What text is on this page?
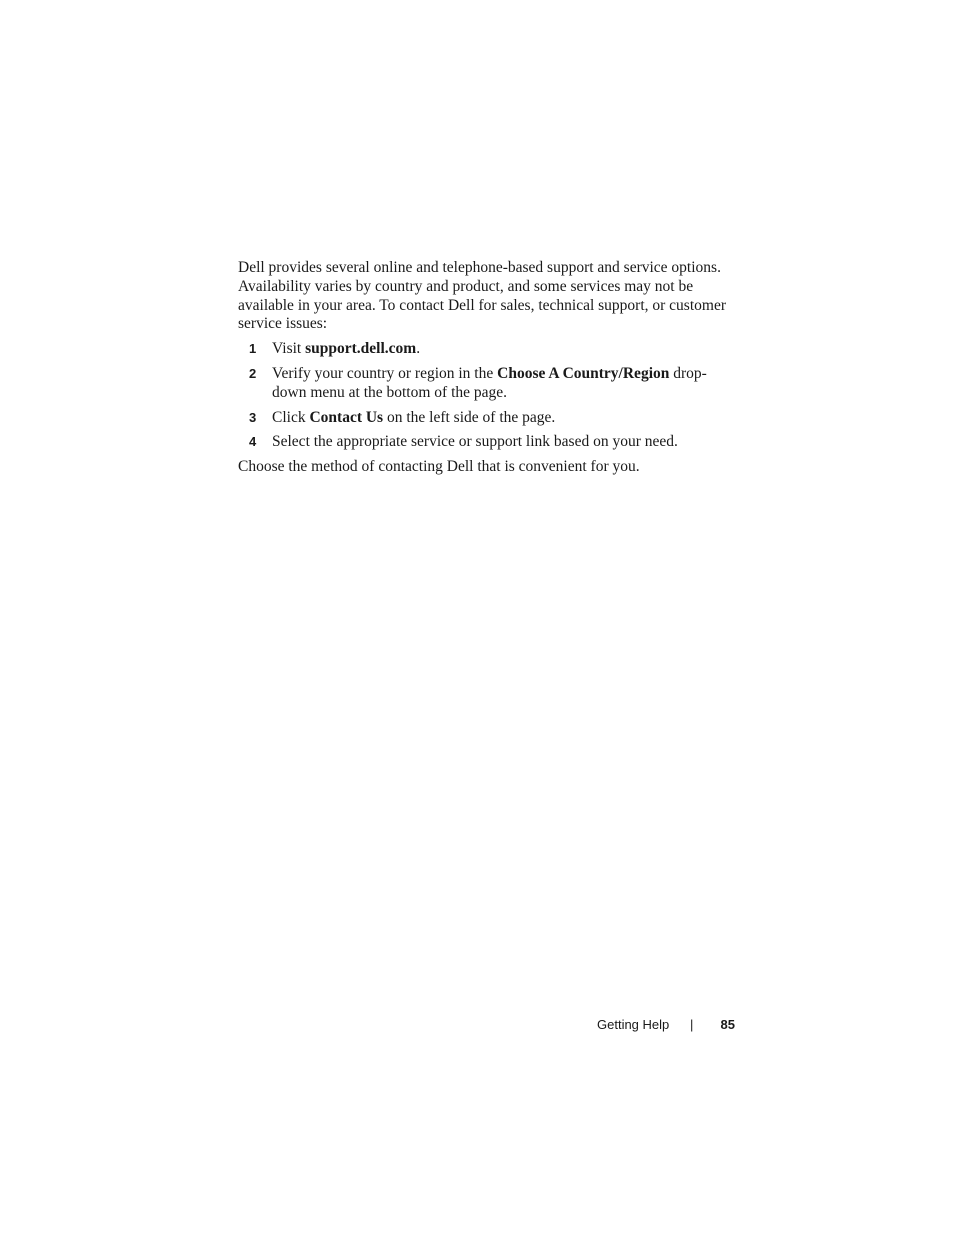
Dell provides several online and telephone-based support and service options. Availability varies by country and product, and some services may not be available in your area. To contact Dell for sales, technical support, or customer service issues:

1 Visit support.dell.com.
2 Verify your country or region in the Choose A Country/Region drop-down menu at the bottom of the page.
3 Click Contact Us on the left side of the page.
4 Select the appropriate service or support link based on your need.

Choose the method of contacting Dell that is convenient for you.

Getting Help | 85
